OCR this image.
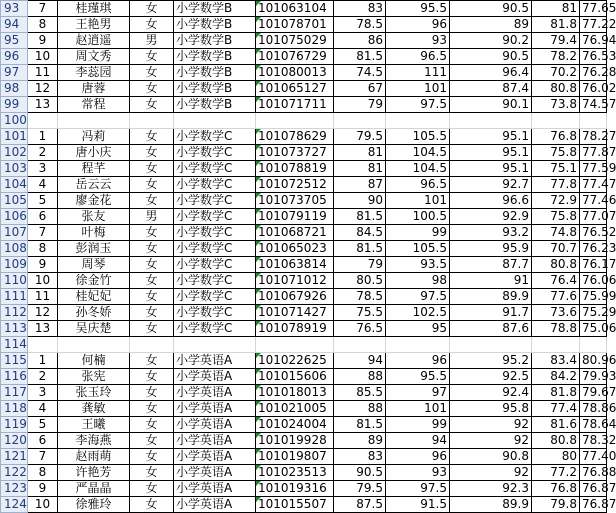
93	7	桂瑾琪	女	小学数学B	101063104	83	95.5	90.5	81	77.65
94	8	王艳男	女	小学数学B	101078701	78.5	96	89	81.8	77.22
95	9	赵逍遥	男	小学数学B	101075029	86	93	90.2	79.4	76.94
96	10	周文秀	女	小学数学B	101076729	81.5	96.5	90.5	78.2	76.53
97	11	李蕊园	女	小学数学B	101080013	74.5	111	96.4	70.2	76.28
98	12	唐蓉	女	小学数学B	101065127	67	101	87.4	80.8	76.02
99	13	常程	女	小学数学B	101071711	79	97.5	90.1	73.8	74.57
100										
101	1	冯莉	女	小学数学C	101078629	79.5	105.5	95.1	76.8	78.27
102	2	唐小庆	女	小学数学C	101073727	81	104.5	95.1	75.8	77.87
103	3	程芊	女	小学数学C	101078819	81	104.5	95.1	75.1	77.59
104	4	岳云云	女	小学数学C	101072512	87	96.5	92.7	77.8	77.47
105	5	廖金花	女	小学数学C	101073705	90	101	96.6	72.9	77.46
106	6	张友	男	小学数学C	101079119	81.5	100.5	92.9	75.8	77.07
107	7	叶梅	女	小学数学C	101068721	84.5	99	93.2	74.8	76.52
108	8	彭润玉	女	小学数学C	101065023	81.5	105.5	95.9	70.7	76.23
109	9	周琴	女	小学数学C	101063814	79	93.5	87.7	80.8	76.17
110	10	徐金竹	女	小学数学C	101071012	80.5	98	91	76.4	76.06
111	11	桂妃妃	女	小学数学C	101067926	78.5	97.5	89.9	77.6	75.99
112	12	孙冬娇	女	小学数学C	101071427	75.5	102.5	91.7	73.6	75.29
113	13	吴庆楚	女	小学数学C	101078919	76.5	95	87.6	78.8	75.06
114										
115	1	何楠	女	小学英语A	101022625	94	96	95.2	83.4	80.96
116	2	张宪	女	小学英语A	101015606	88	95.5	92.5	84.2	79.93
117	3	张玉玲	女	小学英语A	101018013	85.5	97	92.4	81.8	79.67
118	4	龚敏	女	小学英语A	101021005	88	101	95.8	77.4	78.86
119	5	王曦	女	小学英语A	101024004	81.5	99	92	81.6	78.64
120	6	李海燕	女	小学英语A	101019928	89	94	92	80.8	78.32
121	7	赵雨萌	女	小学英语A	101019807	83	96	90.8	80	77.40
122	8	许艳芳	女	小学英语A	101023513	90.5	93	92	77.2	76.88
123	9	严晶晶	女	小学英语A	101019316	79.5	97.5	92.3	76.8	76.87
124	10	徐雅玲	女	小学英语A	101015507	87.5	91.5	89.9	79.8	76.87
